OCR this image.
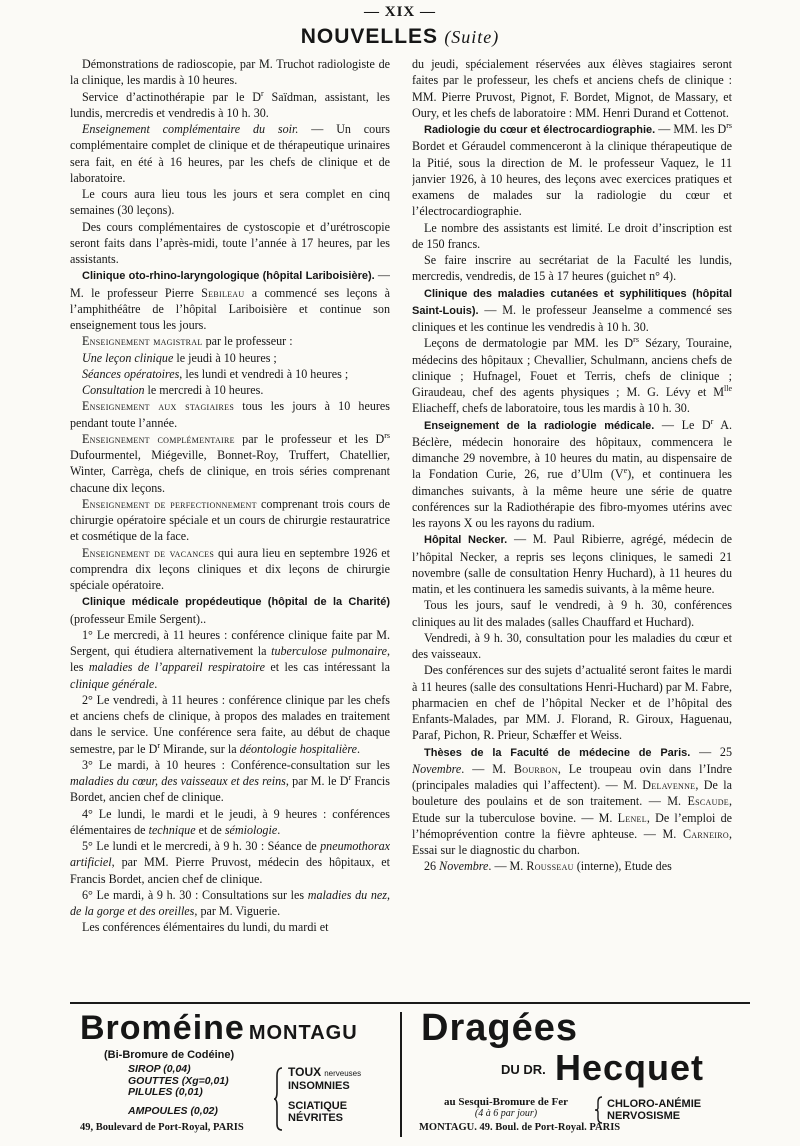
— XIX —
NOUVELLES (Suite)

Démonstrations de radioscopie, par M. Truchot radiologiste de la clinique, les mardis à 10 heures.

Service d’actinothérapie par le $D^r$ Saïdman, assistant, les lundis, mercredis et vendredis à 10 h. 30.

Enseignement complémentaire du soir. — Un cours complémentaire complet de clinique et de thérapeutique urinaires sera fait, en été à 16 heures, par les chefs de clinique et de laboratoire.

Le cours aura lieu tous les jours et sera complet en cinq semaines (30 leçons).

Des cours complémentaires de cystoscopie et d’urétroscopie seront faits dans l’après-midi, toute l’année à 17 heures, par les assistants.

Clinique oto-rhino-laryngologique (hôpital Lariboisière). — M. le professeur Pierre Sebileau a commencé ses leçons à l’amphithéâtre de l’hôpital Lariboisière et continue son enseignement tous les jours.

Enseignement magistral par le professeur :

Une leçon clinique le jeudi à 10 heures ;

Séances opératoires, les lundi et vendredi à 10 heures ;

Consultation le mercredi à 10 heures.

Enseignement aux stagiaires tous les jours à 10 heures pendant toute l’année.

Enseignement complémentaire par le professeur et les $D^{rs}$ Dufourmentel, Miégeville, Bonnet-Roy, Truffert, Chatellier, Winter, Carrèga, chefs de clinique, en trois séries comprenant chacune dix leçons.

Enseignement de perfectionnement comprenant trois cours de chirurgie opératoire spéciale et un cours de chirurgie restauratrice et cosmétique de la face.

Enseignement de vacances qui aura lieu en septembre 1926 et comprendra dix leçons cliniques et dix leçons de chirurgie spéciale opératoire.

Clinique médicale propédeutique (hôpital de la Charité) (professeur Emile Sergent)..

1° Le mercredi, à 11 heures : conférence clinique faite par M. Sergent, qui étudiera alternativement la tuberculose pulmonaire, les maladies de l’appareil respiratoire et les cas intéressant la clinique générale.

2° Le vendredi, à 11 heures : conférence clinique par les chefs et anciens chefs de clinique, à propos des malades en traitement dans le service. Une conférence sera faite, au début de chaque semestre, par le $D^r$ Mirande, sur la déontologie hospitalière.

3° Le mardi, à 10 heures : Conférence-consultation sur les maladies du cœur, des vaisseaux et des reins, par M. le $D^r$ Francis Bordet, ancien chef de clinique.

4° Le lundi, le mardi et le jeudi, à 9 heures : conférences élémentaires de technique et de sémiologie.

5° Le lundi et le mercredi, à 9 h. 30 : Séance de pneumothorax artificiel, par MM. Pierre Pruvost, médecin des hôpitaux, et Francis Bordet, ancien chef de clinique.

6° Le mardi, à 9 h. 30 : Consultations sur les maladies du nez, de la gorge et des oreilles, par M. Viguerie.

Les conférences élémentaires du lundi, du mardi et

du jeudi, spécialement réservées aux élèves stagiaires seront faites par le professeur, les chefs et anciens chefs de clinique : MM. Pierre Pruvost, Pignot, F. Bordet, Mignot, de Massary, et Oury, et les chefs de laboratoire : MM. Henri Durand et Cottenot.

Radiologie du cœur et électrocardiographie. — MM. les $D^{rs}$ Bordet et Géraudel commenceront à la clinique thérapeutique de la Pitié, sous la direction de M. le professeur Vaquez, le 11 janvier 1926, à 10 heures, des leçons avec exercices pratiques et examens de malades sur la radiologie du cœur et l’électrocardiographie.

Le nombre des assistants est limité. Le droit d’inscription est de 150 francs.

Se faire inscrire au secrétariat de la Faculté les lundis, mercredis, vendredis, de 15 à 17 heures (guichet n° 4).

Clinique des maladies cutanées et syphilitiques (hôpital Saint-Louis). — M. le professeur Jeanselme a commencé ses cliniques et les continue les vendredis à 10 h. 30.

Leçons de dermatologie par MM. les $D^{rs}$ Sézary, Touraine, médecins des hôpitaux ; Chevallier, Schulmann, anciens chefs de clinique ; Hufnagel, Fouet et Terris, chefs de clinique ; Giraudeau, chef des agents physiques ; M. G. Lévy et $M^{lle}$ Eliacheff, chefs de laboratoire, tous les mardis à 10 h. 30.

Enseignement de la radiologie médicale. — Le $D^r$ A. Béclère, médecin honoraire des hôpitaux, commencera le dimanche 29 novembre, à 10 heures du matin, au dispensaire de la Fondation Curie, 26, rue d’Ulm (Ve), et continuera les dimanches suivants, à la même heure une série de quatre conférences sur la Radiothérapie des fibro-myomes utérins avec les rayons X ou les rayons du radium.

Hôpital Necker. — M. Paul Ribierre, agrégé, médecin de l’hôpital Necker, a repris ses leçons cliniques, le samedi 21 novembre (salle de consultation Henry Huchard), à 11 heures du matin, et les continuera les samedis suivants, à la même heure.

Tous les jours, sauf le vendredi, à 9 h. 30, conférences cliniques au lit des malades (salles Chauffard et Huchard).

Vendredi, à 9 h. 30, consultation pour les maladies du cœur et des vaisseaux.

Des conférences sur des sujets d’actualité seront faites le mardi à 11 heures (salle des consultations Henri-Huchard) par M. Fabre, pharmacien en chef de l’hôpital Necker et de l’hôpital des Enfants-Malades, par MM. J. Florand, R. Giroux, Haguenau, Paraf, Pichon, R. Prieur, Schæffer et Weiss.

Thèses de la Faculté de médecine de Paris. — 25 Novembre. — M. Bourbon, Le troupeau ovin dans l’Indre (principales maladies qui l’affectent). — M. Delavenne, De la bouleture des poulains et de son traitement. — M. Escaude, Etude sur la tuberculose bovine. — M. Lenel, De l’emploi de l’hémoprévention contre la fièvre aphteuse. — M. Carneiro, Essai sur le diagnostic du charbon.

26 Novembre. — M. Rousseau (interne), Etude des

Broméine MONTAGU
(Bi-Bromure de Codéine)
SIROP (0,04)
GOUTTES (Xg=0,01)
PILULES (0,01)
AMPOULES (0,02)
TOUX nerveuses
INSOMNIES
SCIATIQUE
NÉVRITES
49, Boulevard de Port-Royal, PARIS
Dragées
DU DR. Hecquet
au Sesqui-Bromure de Fer
(4 à 6 par jour)
CHLORO-ANÉMIE
NERVOSISME
MONTAGU. 49. Boul. de Port-Royal. PARIS
